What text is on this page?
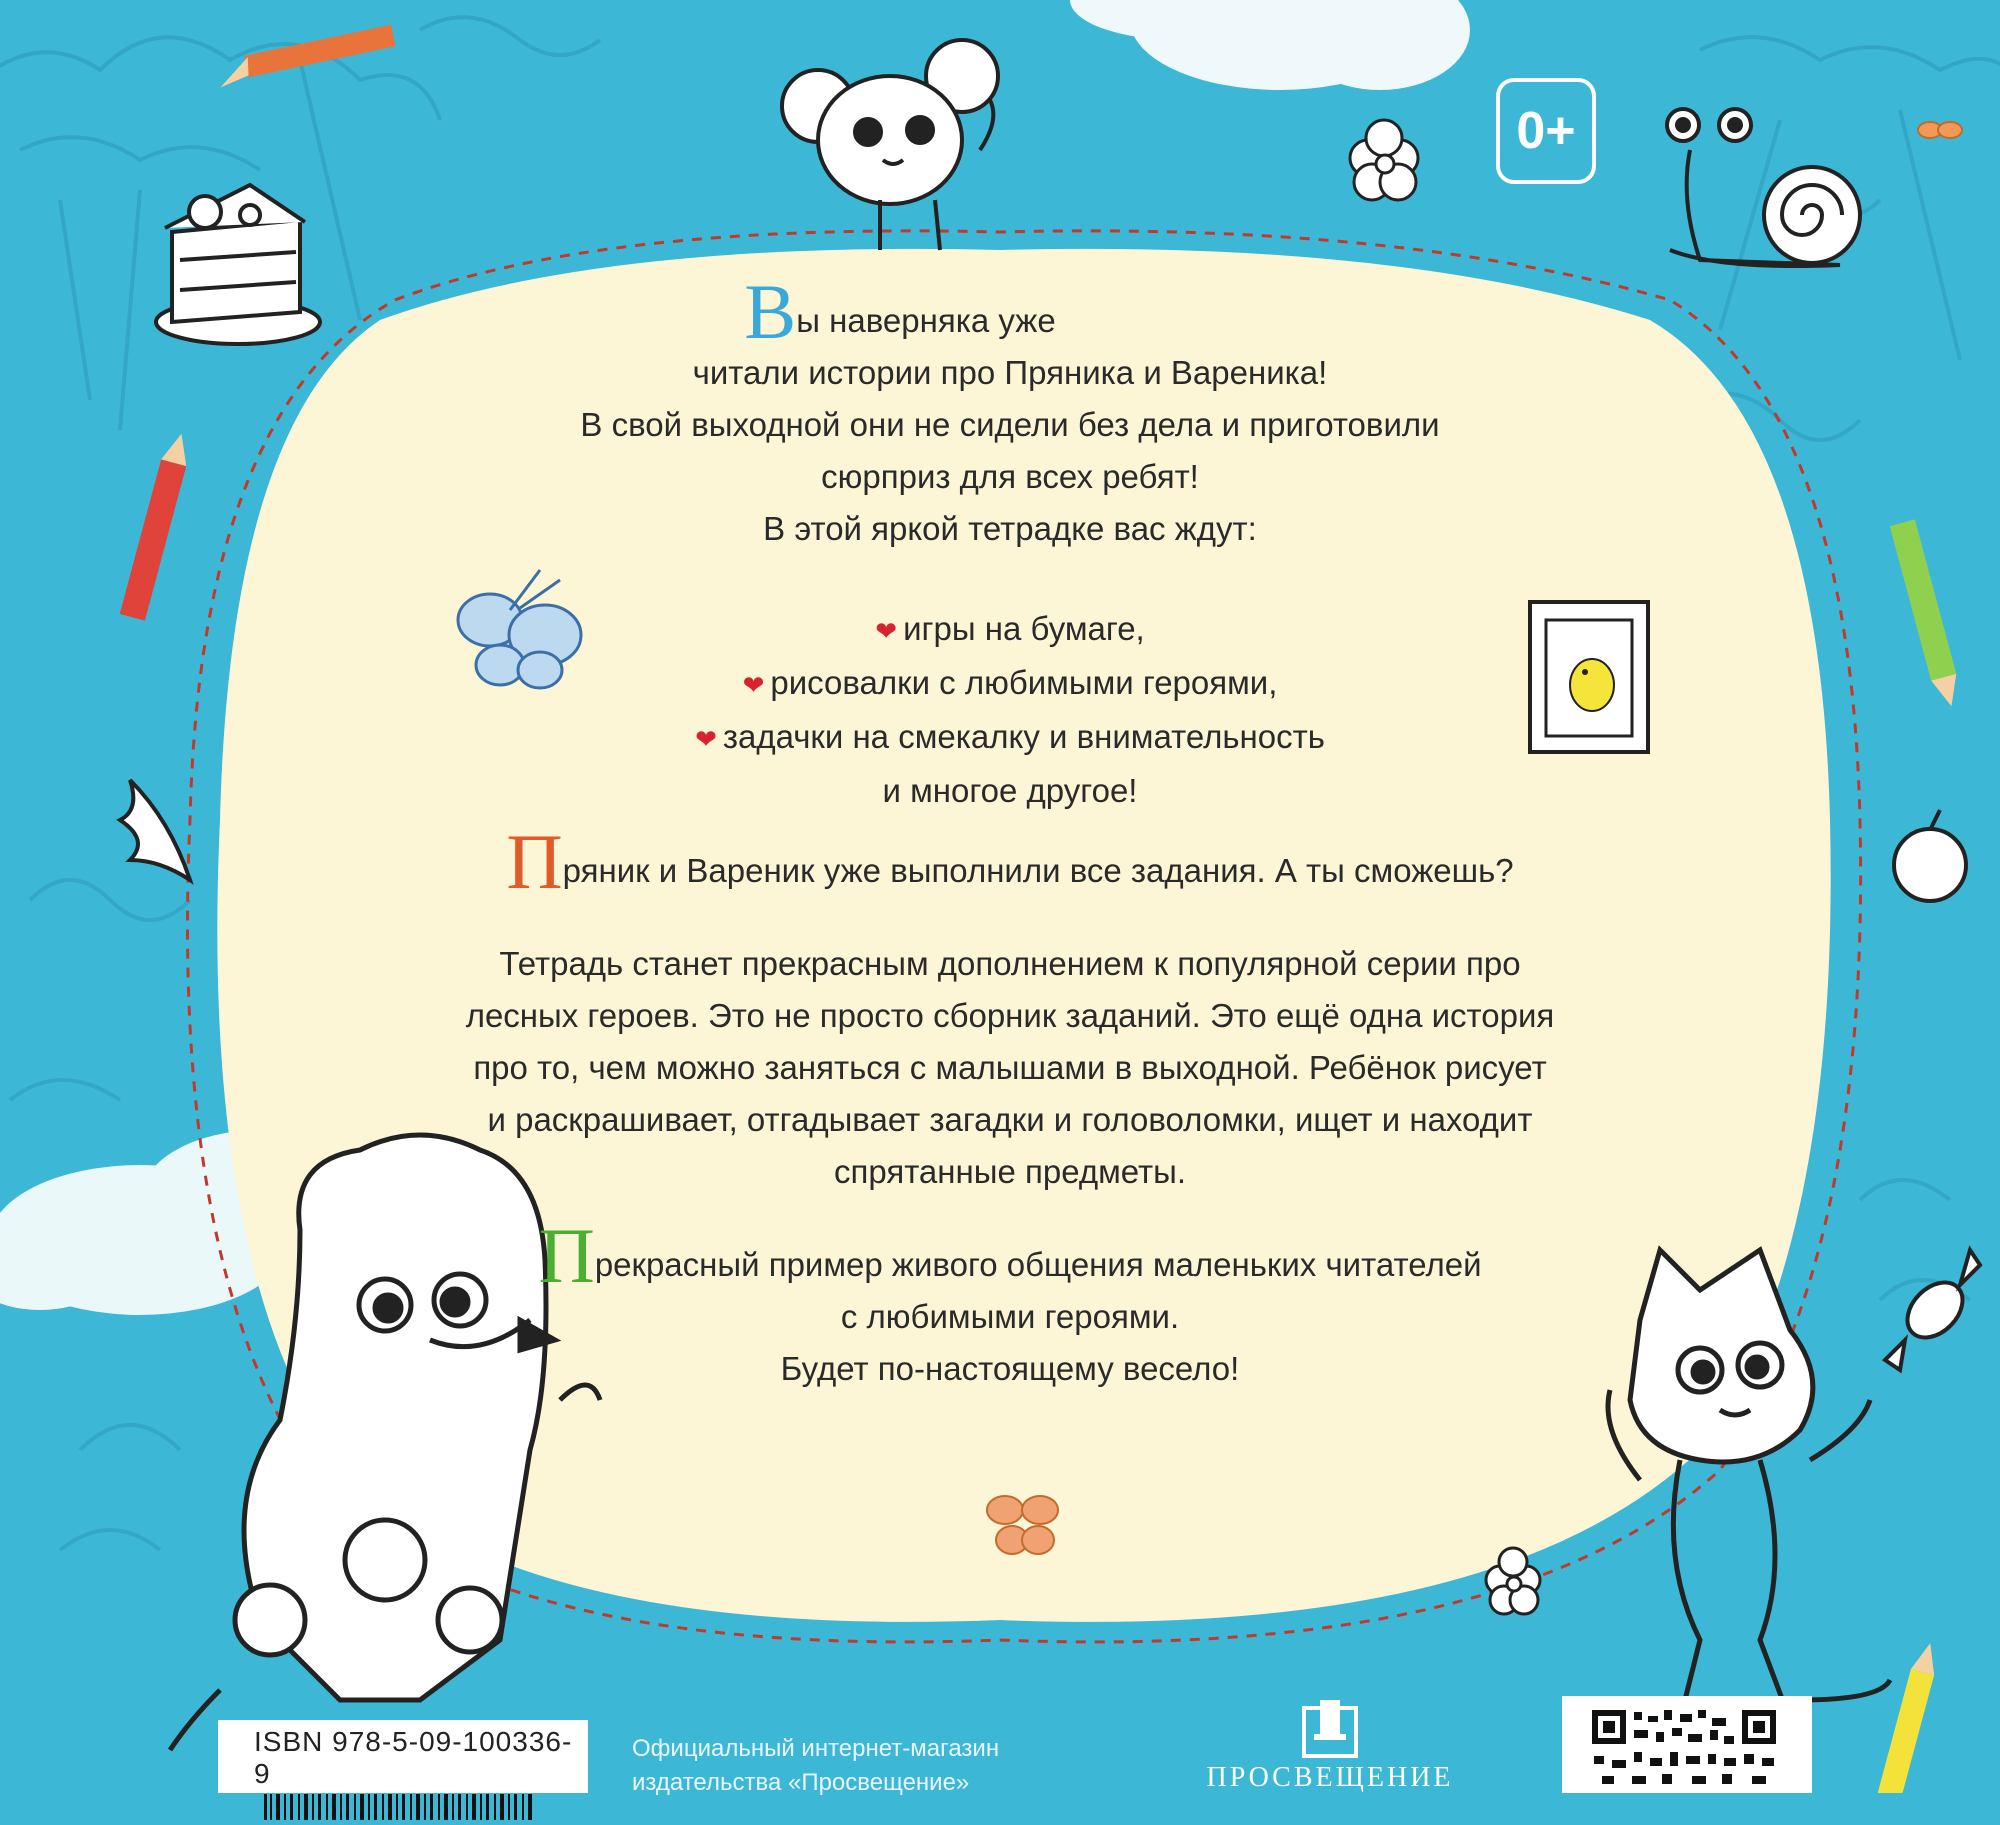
0+
Вы наверняка уже
читали истории про Пряника и Вареника!
В свой выходной они не сидели без дела и приготовили
сюрприз для всех ребят!
В этой яркой тетрадке вас ждут:
❤ игры на бумаге,
❤ рисовалки с любимыми героями,
❤ задачки на смекалку и внимательность
и многое другое!
Пряник и Вареник уже выполнили все задания. А ты сможешь?
Тетрадь станет прекрасным дополнением к популярной серии про
лесных героев. Это не просто сборник заданий. Это ещё одна история
про то, чем можно заняться с малышами в выходной. Ребёнок рисует
и раскрашивает, отгадывает загадки и головоломки, ищет и находит
спрятанные предметы.
Прекрасный пример живого общения маленьких читателей
с любимыми героями.
Будет по-настоящему весело!
ISBN 978-5-09-100336-9
Официальный интернет-магазин
издательства «Просвещение»	ПРОСВЕЩЕНИЕ
